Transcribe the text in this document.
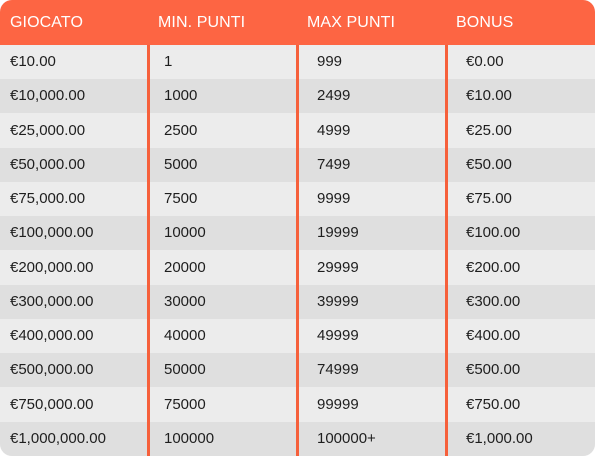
GIOCATO	MIN. PUNTI	MAX PUNTI	BONUS
€10.00	1	999	€0.00
€10,000.00	1000	2499	€10.00
€25,000.00	2500	4999	€25.00
€50,000.00	5000	7499	€50.00
€75,000.00	7500	9999	€75.00
€100,000.00	10000	19999	€100.00
€200,000.00	20000	29999	€200.00
€300,000.00	30000	39999	€300.00
€400,000.00	40000	49999	€400.00
€500,000.00	50000	74999	€500.00
€750,000.00	75000	99999	€750.00
€1,000,000.00	100000	100000+	€1,000.00
